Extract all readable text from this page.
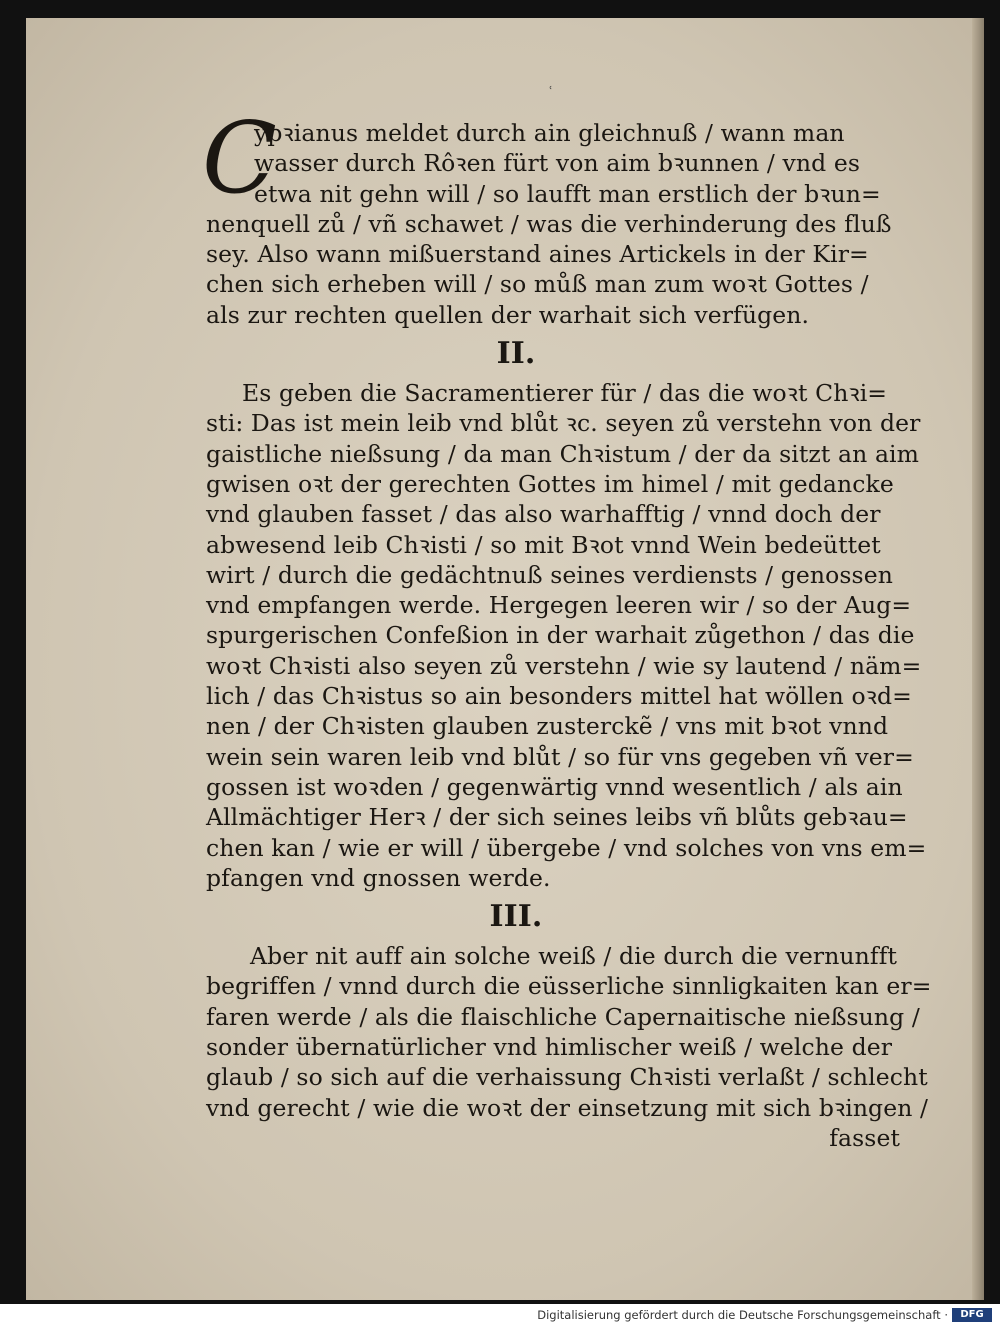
ʿ
C
ypꝛianus meldet durch ain gleichnuß / wann man
wasser durch Rôꝛen fürt von aim bꝛunnen / vnd es
etwa nit gehn will / so laufft man erstlich der bꝛun=
nenquell zů / vñ schawet / was die verhinderung des fluß
sey. Also wann mißuerstand aines Artickels in der Kir=
chen sich erheben will / so můß man zum woꝛt Gottes /
als zur rechten quellen der warhait sich verfügen.
II.
Es geben die Sacramentierer für / das die woꝛt Chꝛi=
sti: Das ist mein leib vnd blůt ꝛc. seyen zů verstehn von der
gaistliche nießsung / da man Chꝛistum / der da sitzt an aim
gwisen oꝛt der gerechten Gottes im himel / mit gedancke
vnd glauben fasset / das also warhafftig / vnnd doch der
abwesend leib Chꝛisti / so mit Bꝛot vnnd Wein bedeüttet
wirt / durch die gedächtnuß seines verdiensts / genossen
vnd empfangen werde. Hergegen leeren wir / so der Aug=
spurgerischen Confeßion in der warhait zůgethon / das die
woꝛt Chꝛisti also seyen zů verstehn / wie sy lautend / näm=
lich / das Chꝛistus so ain besonders mittel hat wöllen oꝛd=
nen / der Chꝛisten glauben zusterckẽ / vns mit bꝛot vnnd
wein sein waren leib vnd blůt / so für vns gegeben vñ ver=
gossen ist woꝛden / gegenwärtig vnnd wesentlich / als ain
Allmächtiger Herꝛ / der sich seines leibs vñ blůts gebꝛau=
chen kan / wie er will / übergebe / vnd solches von vns em=
pfangen vnd gnossen werde.
III.
Aber nit auff ain solche weiß / die durch die vernunfft
begriffen / vnnd durch die eüsserliche sinnligkaiten kan er=
faren werde / als die flaischliche Capernaitische nießsung /
sonder übernatürlicher vnd himlischer weiß / welche der
glaub / so sich auf die verhaissung Chꝛisti verlaßt / schlecht
vnd gerecht / wie die woꝛt der einsetzung mit sich bꝛingen /
fasset
Digitalisierung gefördert durch die Deutsche Forschungsgemeinschaft ·	DFG
